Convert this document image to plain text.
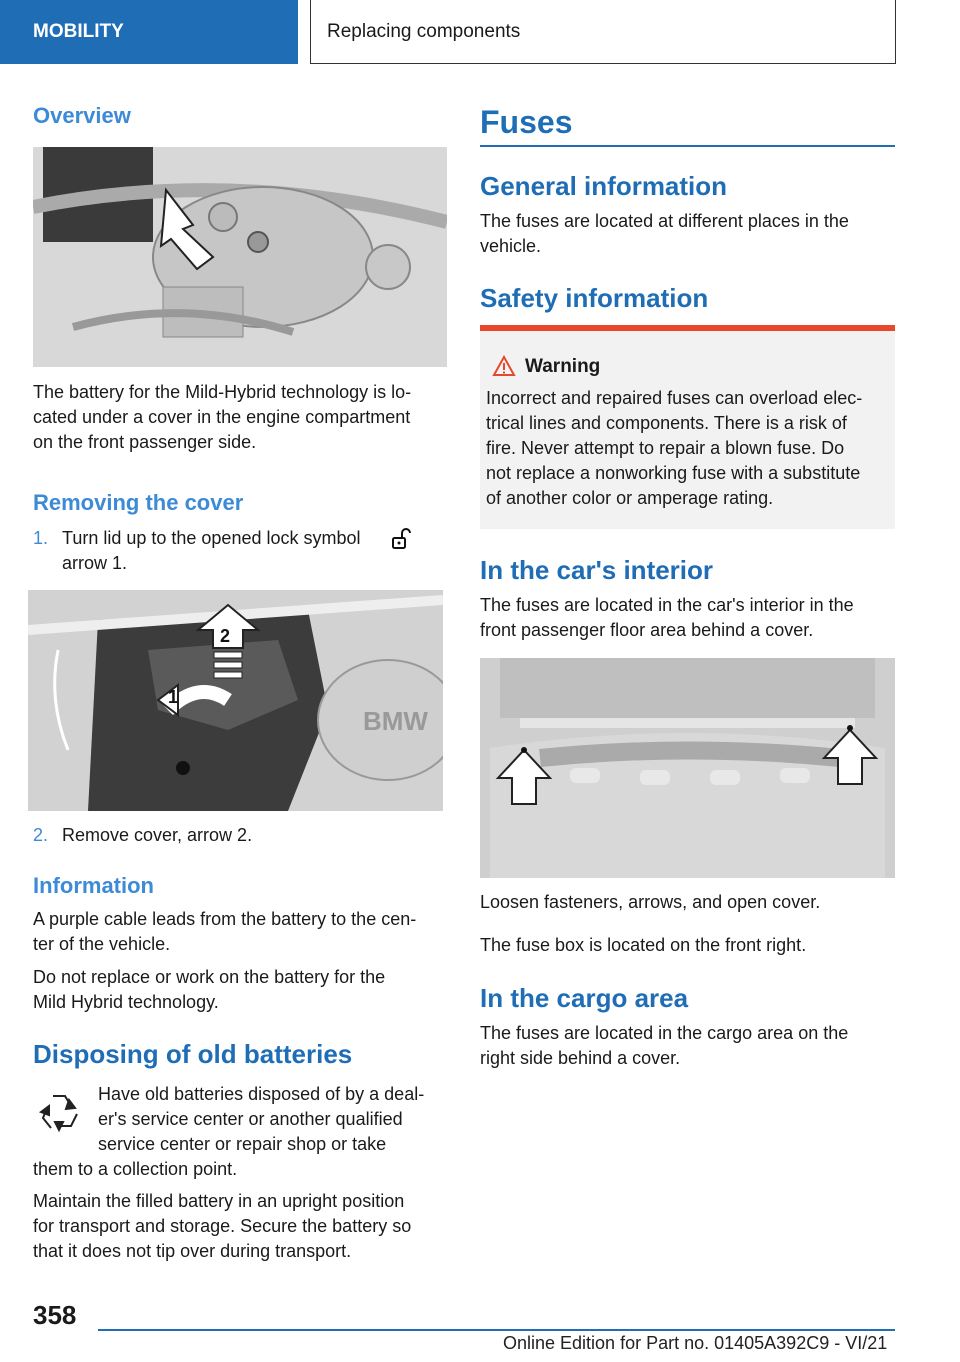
MOBILITY	Replacing components
Overview
The battery for the Mild-Hybrid technology is lo-
cated under a cover in the engine compartment
on the front passenger side.
Removing the cover
1. Turn lid up to the opened lock symbol
arrow 1.
BMW
2
1
2. Remove cover, arrow 2.
Information
A purple cable leads from the battery to the cen-
ter of the vehicle.
Do not replace or work on the battery for the
Mild Hybrid technology.
Disposing of old batteries
Have old batteries disposed of by a deal-
er's service center or another qualified
service center or repair shop or take
them to a collection point.
Maintain the filled battery in an upright position
for transport and storage. Secure the battery so
that it does not tip over during transport.
Fuses
General information
The fuses are located at different places in the
vehicle.
Safety information
Warning
Incorrect and repaired fuses can overload elec-
trical lines and components. There is a risk of
fire. Never attempt to repair a blown fuse. Do
not replace a nonworking fuse with a substitute
of another color or amperage rating.
In the car's interior
The fuses are located in the car's interior in the
front passenger floor area behind a cover.
Loosen fasteners, arrows, and open cover.
The fuse box is located on the front right.
In the cargo area
The fuses are located in the cargo area on the
right side behind a cover.
358
Online Edition for Part no. 01405A392C9 - VI/21
